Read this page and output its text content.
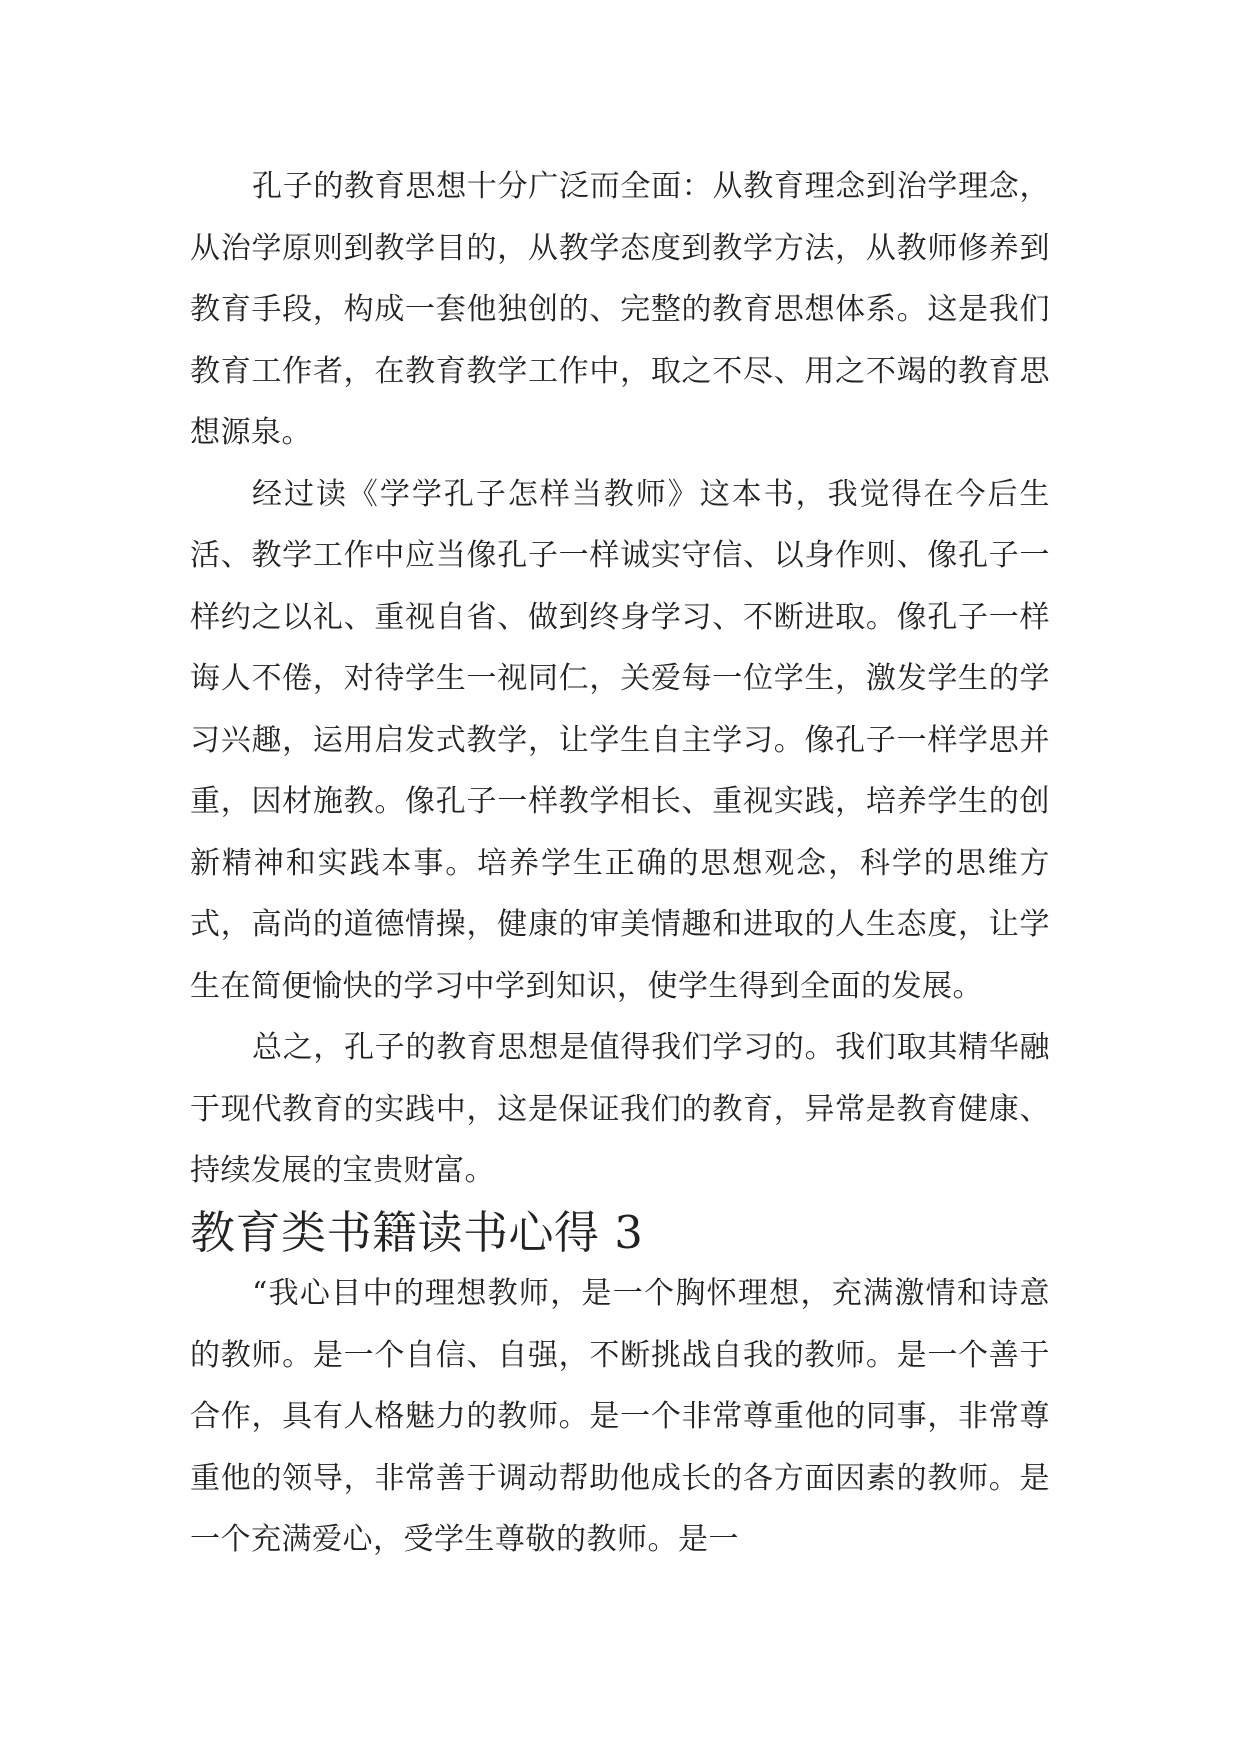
孔子的教育思想十分广泛而全面：从教育理念到治学理念，从治学原则到教学目的，从教学态度到教学方法，从教师修养到教育手段，构成一套他独创的、完整的教育思想体系。这是我们教育工作者，在教育教学工作中，取之不尽、用之不竭的教育思想源泉。

经过读《学学孔子怎样当教师》这本书，我觉得在今后生活、教学工作中应当像孔子一样诚实守信、以身作则、像孔子一样约之以礼、重视自省、做到终身学习、不断进取。像孔子一样诲人不倦，对待学生一视同仁，关爱每一位学生，激发学生的学习兴趣，运用启发式教学，让学生自主学习。像孔子一样学思并重，因材施教。像孔子一样教学相长、重视实践，培养学生的创新精神和实践本事。培养学生正确的思想观念，科学的思维方式，高尚的道德情操，健康的审美情趣和进取的人生态度，让学生在简便愉快的学习中学到知识，使学生得到全面的发展。

总之，孔子的教育思想是值得我们学习的。我们取其精华融于现代教育的实践中，这是保证我们的教育，异常是教育健康、持续发展的宝贵财富。

教育类书籍读书心得 3

“我心目中的理想教师，是一个胸怀理想，充满激情和诗意的教师。是一个自信、自强，不断挑战自我的教师。是一个善于合作，具有人格魅力的教师。是一个非常尊重他的同事，非常尊重他的领导，非常善于调动帮助他成长的各方面因素的教师。是一个充满爱心，受学生尊敬的教师。是一
